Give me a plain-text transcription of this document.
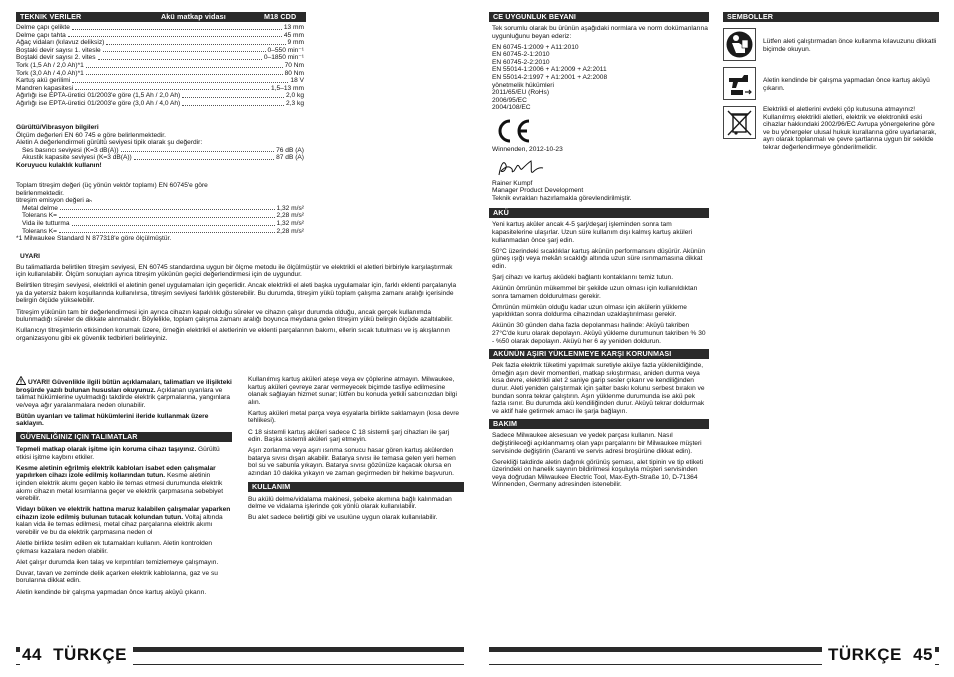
TEKNIK VERILER	Akü matkap vidası	M18 CDD
Delme çapı çelikte	13 mm
Delme çapı tahta	45 mm
Ağaç vidaları (kılavuz deliksiz)	9 mm
Boştaki devir sayısı 1. vitesle	0–550 min⁻¹
Boştaki devir sayısı 2. vites	0–1850 min⁻¹
Tork (1,5 Ah / 2,0 Ah)*1	70 Nm
Tork (3,0 Ah / 4,0 Ah)*1	80 Nm
Kartuş akü gerilimi	18 V
Mandren kapasitesi	1,5–13 mm
Ağırlığı ise EPTA-üretici 01/2003'e göre (1,5 Ah / 2,0 Ah)	2,0 kg
Ağırlığı ise EPTA-üretici 01/2003'e göre (3,0 Ah / 4,0 Ah)	2,3 kg
Gürültü/Vibrasyon bilgileri
Ölçüm değerleri EN 60 745 e göre belirlenmektedir.
Aletin A değerlendirmeli gürültü seviyesi tipik olarak şu değerdir:
Ses basıncı seviyesi (K=3 dB(A))	76 dB (A)
Akustik kapasite seviyesi (K=3 dB(A))	87 dB (A)
Koruyucu kulaklık kullanın!
Toplam titreşim değeri (üç yönün vektör toplamı) EN 60745'e göre belirlenmektedir.
titreşim emisyon değeri aₕ
Metal delme	1,32 m/s²
Tolerans K=	2,28 m/s²
Vida ile tutturma	1,32 m/s²
Tolerans K=	2,28 m/s²
*1 Milwaukee Standard N 877318'e göre ölçülmüştür.
UYARI

Bu talimatlarda belirtilen titreşim seviyesi, EN 60745 standardına uygun bir ölçme metodu ile ölçülmüştür ve elektrikli el aletleri birbiriyle karşılaştırmak için kullanılabilir. Ölçüm sonuçları ayrıca titreşim yükünün geçici değerlendirmesi için de uygundur.

Belirtilen titreşim seviyesi, elektrikli el aletinin genel uygulamaları için geçerlidir. Ancak elektrikli el aleti başka uygulamalar için, farklı eklenti parçalarıyla ya da yetersiz bakım koşullarında kullanılırsa, titreşim seviyesi farklılık gösterebilir. Bu durumda, titreşim yükü toplam çalışma zamanı aralığı içerisinde belirgin ölçüde yükselebilir.

Titreşim yükünün tam bir değerlendirmesi için ayrıca cihazın kapalı olduğu süreler ve cihazın çalışır durumda olduğu, ancak gerçek kullanımda bulunmadığı süreler de dikkate alınmalıdır. Böylelikle, toplam çalışma zamanı aralığı boyunca meydana gelen titreşim yükü belirgin ölçüde azaltılabilir.

Kullanıcıyı titreşimlerin etkisinden korumak üzere, örneğin elektrikli el aletlerinin ve eklenti parçalarının bakımı, ellerin sıcak tutulması ve iş akışlarının organizasyonu gibi ek güvenlik tedbirleri belirleyiniz.

UYARI! Güvenlikle ilgili bütün açıklamaları, talimatları ve ilişikteki broşürde yazılı bulunan hususları okuyunuz. Açıklanan uyarılara ve talimat hükümlerine uyulmadığı takdirde elektrik çarpmalarına, yangınlara ve/veya ağır yaralanmalara neden olunabilir.

Bütün uyarıları ve talimat hükümlerini ileride kullanmak üzere saklayın.

GÜVENLIĞINIZ IÇIN TALIMATLAR

Tepmeli matkap olarak işitme için koruma cihazı taşıyınız. Gürültü etkisi işitme kaybını etkiler.

Kesme aletinin eğrilmiş elektrik kabloları isabet eden çalışmalar yapılırken cihazı izole edilmiş kollarından tutun. Kesme aletinin içinden elektrik akımı geçen kablo ile temas etmesi durumunda elektrik akımı cihazın metal kısımlarına geçer ve elektrik çarpmasına sebebiyet verebilir.

Vidayı büken ve elektrik hattına maruz kalabilen çalışmalar yaparken cihazın izole edilmiş bulunan tutacak kolundan tutun. Voltaj altında kalan vida ile temas edilmesi, metal cihaz parçalarına elektrik akımı verebilir ve bu da elektrik çarpmasına neden ol

Aletle birlikte teslim edilen ek tutamakları kullanın. Aletin kontrolden çıkması kazalara neden olabilir.

Alet çalışır durumda iken talaş ve kırpıntıları temizlemeye çalışmayın.

Duvar, tavan ve zeminde delik açarken elektrik kablolarına, gaz ve su borularına dikkat edin.

Aletin kendinde bir çalışma yapmadan önce kartuş aküyü çıkarın.

Kullanılmış kartuş aküleri ateşe veya ev çöplerine atmayın. Milwaukee, kartuş aküleri çevreye zarar vermeyecek biçimde tasfiye edilmesine olanak sağlayan hizmet sunar; lütfen bu konuda yetkili satıcınızdan bilgi alın.

Kartuş aküleri metal parça veya eşyalarla birlikte saklamayın (kısa devre tehlikesi).

C 18 sistemli kartuş aküleri sadece C 18 sistemli şarj cihazları ile şarj edin. Başka sistemli aküleri şarj etmeyin.

Aşırı zorlanma veya aşırı ısınma sonucu hasar gören kartuş akülerden batarya sıvısı dışarı akabilir. Batarya sıvısı ile temasa gelen yeri hemen bol su ve sabunla yıkayın. Batarya sıvısı gözünüze kaçacak olursa en azından 10 dakika yıkayın ve zaman geçirmeden bir hekime başvurun.

KULLANIM

Bu akülü delme/vidalama makinesi, şebeke akımına bağlı kalınmadan delme ve vidalama işlerinde çok yönlü olarak kullanılabilir.

Bu alet sadece belirtiği gibi ve usulüne uygun olarak kullanılabilir.

44 TÜRKÇE
CE UYGUNLUK BEYANI

Tek sorumlu olarak bu ürünün aşağıdaki normlara ve norm dokümanlarına uygunluğunu beyan ederiz:

EN 60745-1:2009 + A11:2010
EN 60745-2-1:2010
EN 60745-2-2:2010
EN 55014-1:2006 + A1:2009 + A2:2011
EN 55014-2:1997 + A1:2001 + A2:2008
yönetmelik hükümleri
2011/65/EU (RoHs)
2006/95/EC
2004/108/EC
Winnenden, 2012-10-23
Rainer Kumpf
Manager Product Development
Teknik evrakları hazırlamakla görevlendirilmiştir.
AKÜ

Yeni kartuş aküler ancak 4-5 şarj/deşarj işleminden sonra tam kapasitelerine ulaşırlar. Uzun süre kullanım dışı kalmış kartuş aküleri kullanmadan önce şarj edin.

50°C üzerindeki sıcaklıklar kartuş akünün performansını düşürür. Akünün güneş ışığı veya mekân sıcaklığı altında uzun süre ısınmamasına dikkat edin.

Şarj cihazı ve kartuş aküdeki bağlantı kontaklarını temiz tutun.

Akünün ömrünün mükemmel bir şekilde uzun olması için kullanıldıktan sonra tamamen doldurulması gerekir.

Ömrünün mümkün olduğu kadar uzun olması için akülerin yükleme yapıldıktan sonra doldurma cihazından uzaklaştırılması gerekir.

Akünün 30 günden daha fazla depolanması halinde: Aküyü takriben 27°C'de kuru olarak depolayın. Aküyü yükleme durumunun takriben % 30 - %50 olarak depolayın. Aküyü her 6 ay yeniden doldurun.

AKÜNÜN AŞIRI YÜKLENMEYE KARŞI KORUNMASI

Pek fazla elektrik tüketimi yapılmak suretiyle aküye fazla yüklenildiğinde, örneğin aşırı devir momentleri, matkap sıkıştırması, aniden durma veya kısa devre, elektrikli alet 2 saniye garip sesler çıkarır ve kendiliğinden durur. Aleti yeniden çalıştırmak için şalter baskı kolunu serbest bırakın ve bundan sonra tekrar çalıştırın. Aşırı yüklenme durumunda ise akü pek fazla ısınır. Bu durumda akü kendiliğinden durur. Aküyü tekrar doldurmak ve aktif hale getirmek amacı ile şarja bağlayın.

BAKIM

Sadece Milwaukee aksesuarı ve yedek parçası kullanın. Nasıl değiştirileceği açıklanmamış olan yapı parçalarını bir Milwaukee müşteri servisinde değiştirin (Garanti ve servis adresi broşürüne dikkat edin).

Gerekliği takdirde aletin dağınık görünüş şeması, alet tipinin ve tip etiketi üzerindeki on hanelik sayının bildirilmesi koşuluyla müşteri servisinden veya doğrudan Milwaukee Electric Tool, Max-Eyth-Straße 10, D-71364 Winnenden, Germany adresinden istenebilir.

SEMBOLLER
Lütfen aleti çalıştırmadan önce kullanma kılavuzunu dikkatli biçimde okuyun.
Aletin kendinde bir çalışma yapmadan önce kartuş aküyü çıkarın.
Elektrikli el aletlerini evdeki çöp kutusuna atmayınız! Kullanılmış elektrikli aletleri, elektrik ve elektronikli eski cihazlar hakkındaki 2002/96/EC Avrupa yönergelerine göre ve bu yönergeler ulusal hukuk kurallarına göre uyarlanarak, ayrı olarak toplanmalı ve çevre şartlarına uygun bir sekilde tekrar değerlendirmeye gönderilmelidir.
TÜRKÇE 45
